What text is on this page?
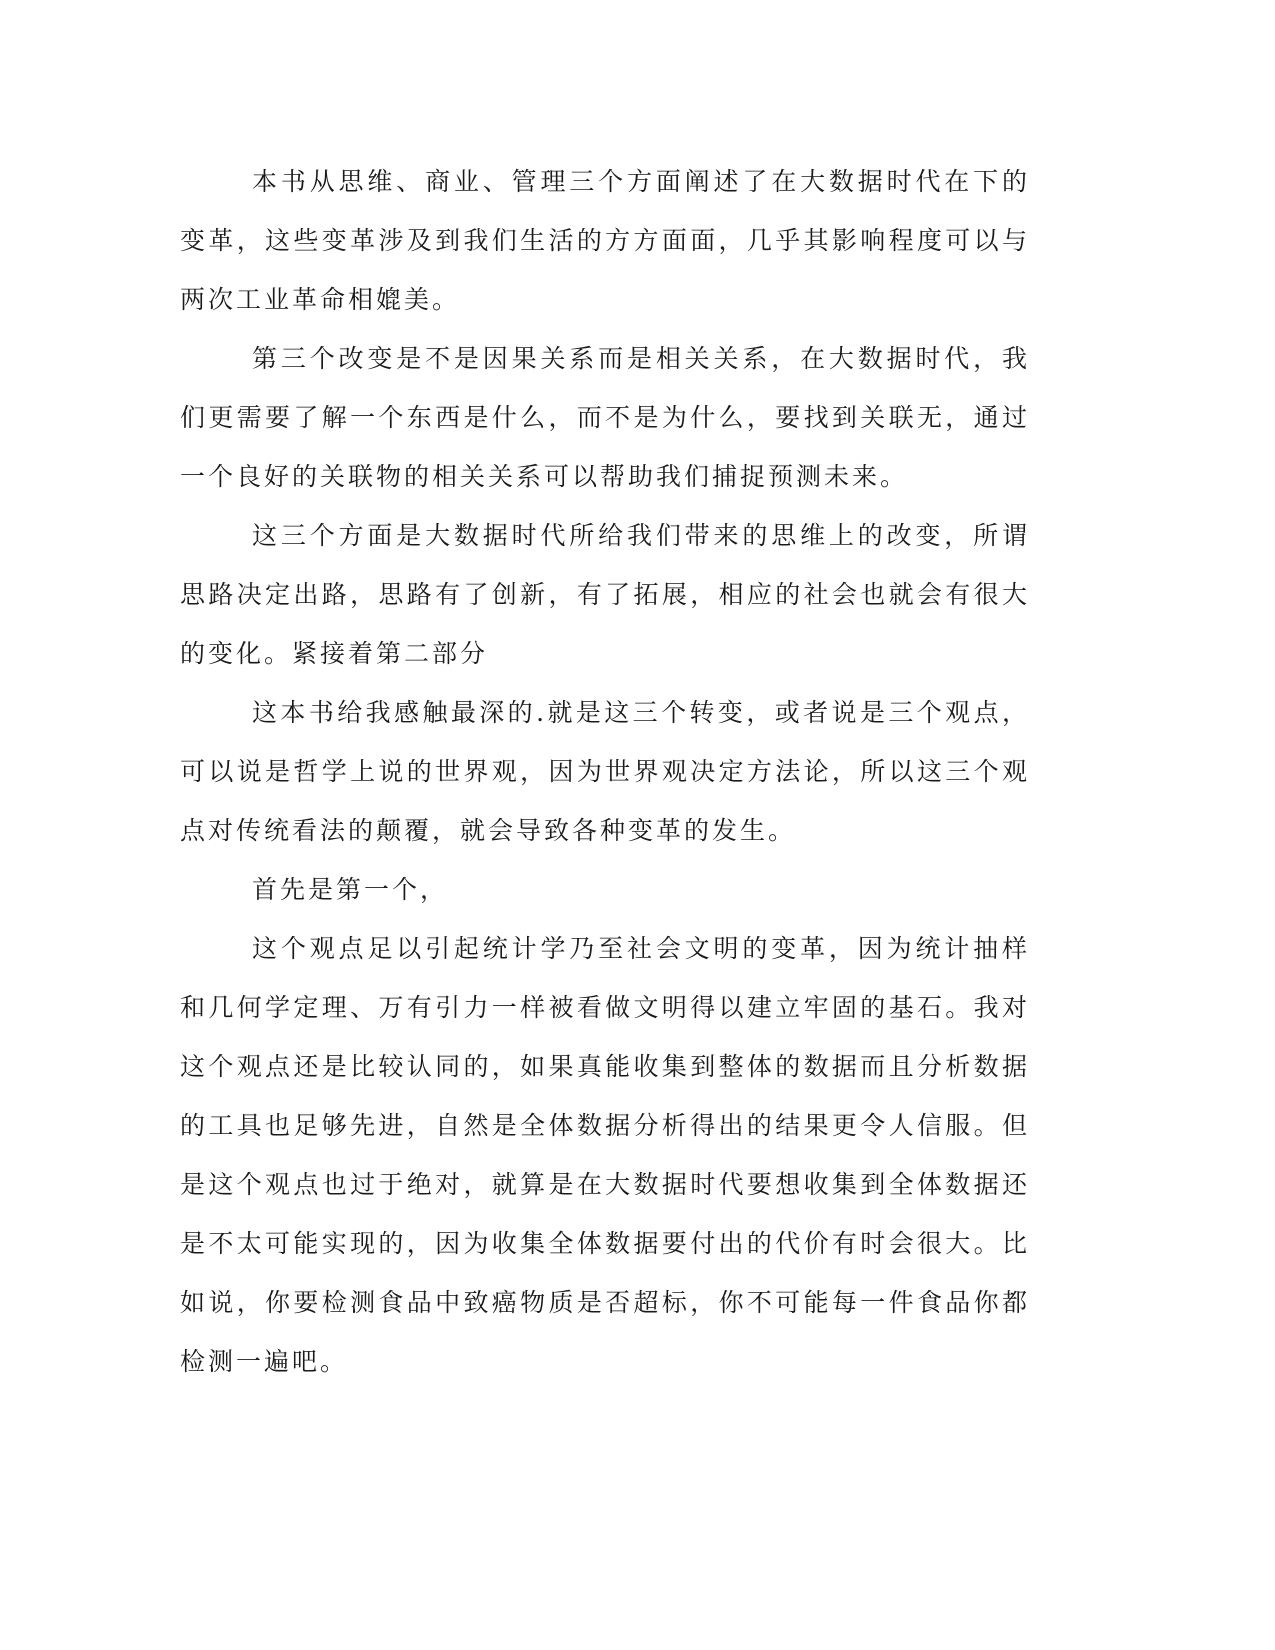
本书从思维、商业、管理三个方面阐述了在大数据时代在下的变革，这些变革涉及到我们生活的方方面面，几乎其影响程度可以与两次工业革命相媲美。

第三个改变是不是因果关系而是相关关系，在大数据时代，我们更需要了解一个东西是什么，而不是为什么，要找到关联无，通过一个良好的关联物的相关关系可以帮助我们捕捉预测未来。

这三个方面是大数据时代所给我们带来的思维上的改变，所谓思路决定出路，思路有了创新，有了拓展，相应的社会也就会有很大的变化。紧接着第二部分

这本书给我感触最深的.就是这三个转变，或者说是三个观点，可以说是哲学上说的世界观，因为世界观决定方法论，所以这三个观点对传统看法的颠覆，就会导致各种变革的发生。

首先是第一个，

这个观点足以引起统计学乃至社会文明的变革，因为统计抽样和几何学定理、万有引力一样被看做文明得以建立牢固的基石。我对这个观点还是比较认同的，如果真能收集到整体的数据而且分析数据的工具也足够先进，自然是全体数据分析得出的结果更令人信服。但是这个观点也过于绝对，就算是在大数据时代要想收集到全体数据还是不太可能实现的，因为收集全体数据要付出的代价有时会很大。比如说，你要检测食品中致癌物质是否超标，你不可能每一件食品你都检测一遍吧。
